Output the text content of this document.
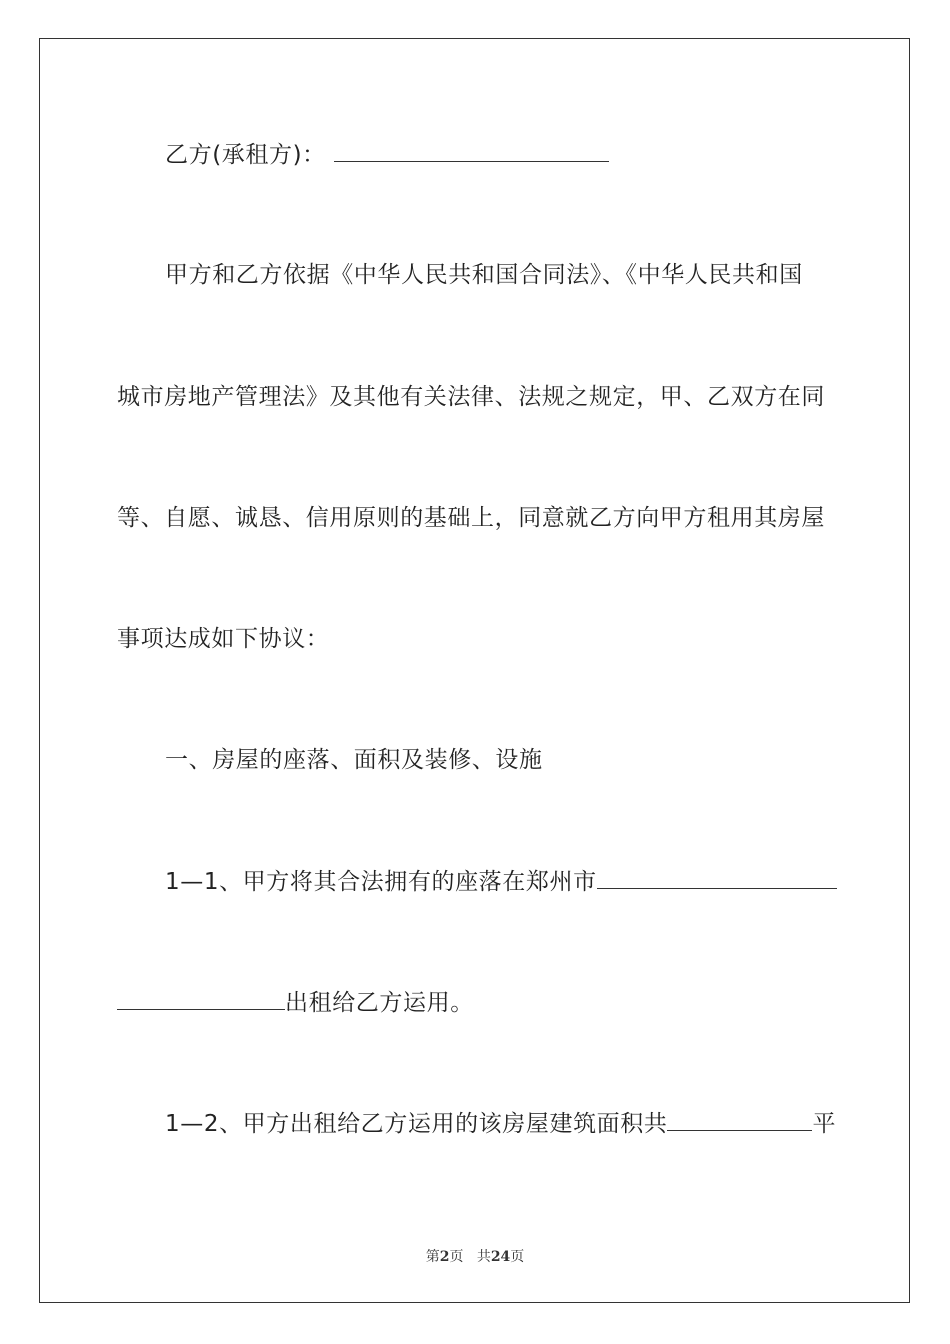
乙方(承租方)：
甲方和乙方依据《中华人民共和国合同法》、《中华人民共和国
城市房地产管理法》及其他有关法律、法规之规定，甲、乙双方在同
等、自愿、诚恳、信用原则的基础上，同意就乙方向甲方租用其房屋
事项达成如下协议：
一、房屋的座落、面积及装修、设施
1—1、甲方将其合法拥有的座落在郑州市
出租给乙方运用。
1—2、甲方出租给乙方运用的该房屋建筑面积共	平
第2页 共24页
